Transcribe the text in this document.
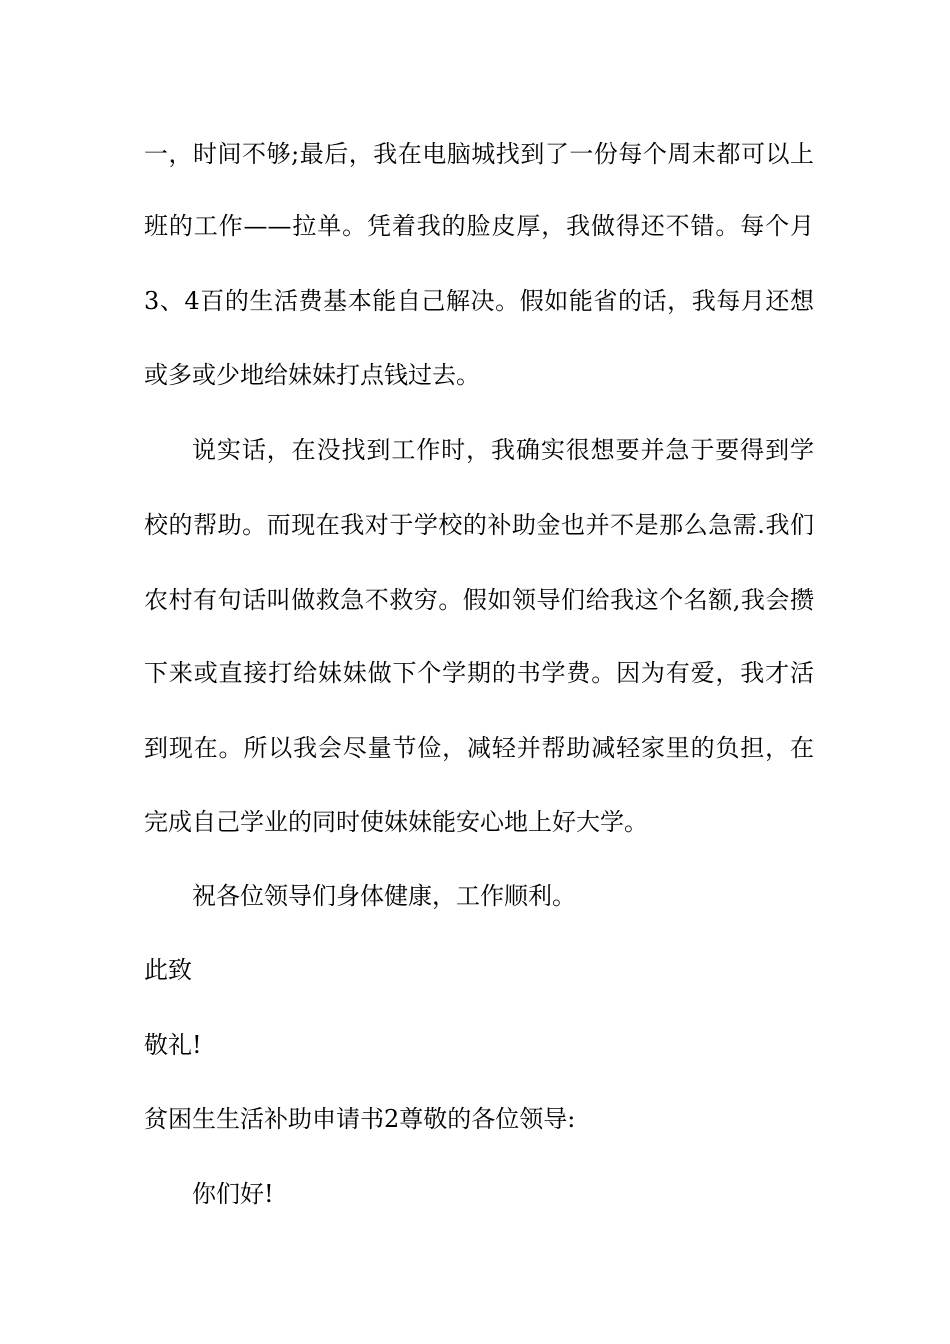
一，时间不够;最后，我在电脑城找到了一份每个周末都可以上
班的工作——拉单。凭着我的脸皮厚，我做得还不错。每个月
3、4百的生活费基本能自己解决。假如能省的话，我每月还想
或多或少地给妹妹打点钱过去。
说实话，在没找到工作时，我确实很想要并急于要得到学
校的帮助。而现在我对于学校的补助金也并不是那么急需.我们
农村有句话叫做救急不救穷。假如领导们给我这个名额,我会攒
下来或直接打给妹妹做下个学期的书学费。因为有爱，我才活
到现在。所以我会尽量节俭，减轻并帮助减轻家里的负担，在
完成自己学业的同时使妹妹能安心地上好大学。
祝各位领导们身体健康，工作顺利。
此致
敬礼!
贫困生生活补助申请书2尊敬的各位领导:
你们好!
